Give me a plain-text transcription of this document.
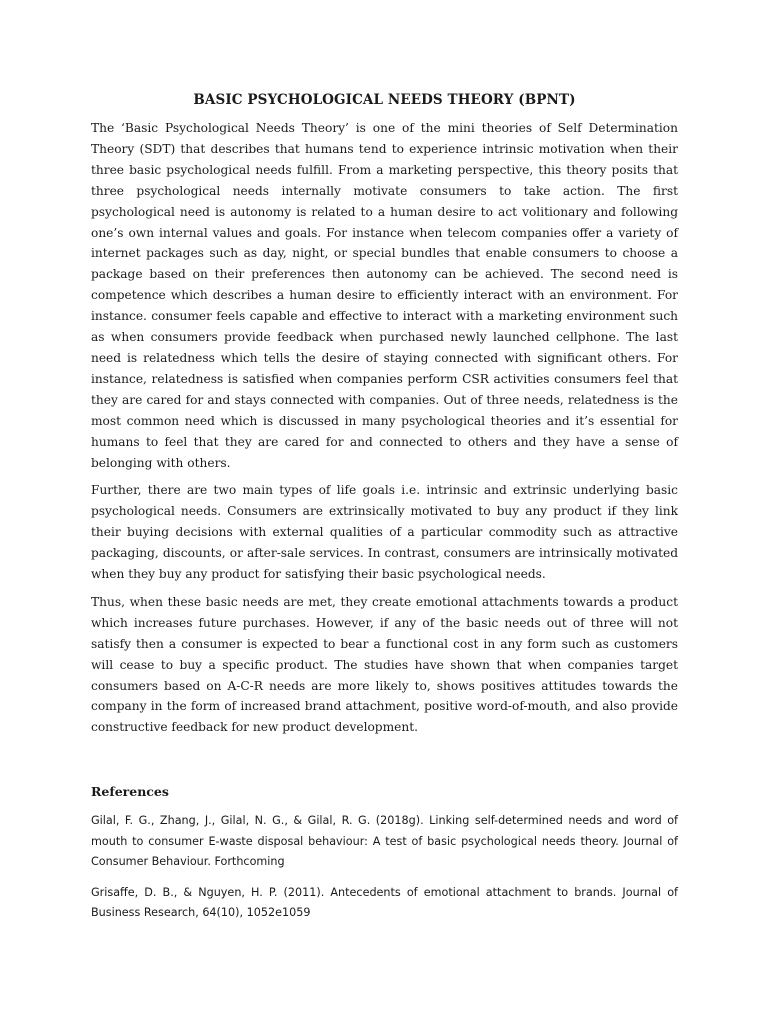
BASIC PSYCHOLOGICAL NEEDS THEORY (BPNT)

The ‘Basic Psychological Needs Theory’ is one of the mini theories of Self Determination Theory (SDT) that describes that humans tend to experience intrinsic motivation when their three basic psychological needs fulfill. From a marketing perspective, this theory posits that three psychological needs internally motivate consumers to take action. The first psychological need is autonomy is related to a human desire to act volitionary and following one’s own internal values and goals. For instance when telecom companies offer a variety of internet packages such as day, night, or special bundles that enable consumers to choose a package based on their preferences then autonomy can be achieved. The second need is competence which describes a human desire to efficiently interact with an environment. For instance. consumer feels capable and effective to interact with a marketing environment such as when consumers provide feedback when purchased newly launched cellphone. The last need is relatedness which tells the desire of staying connected with significant others. For instance, relatedness is satisfied when companies perform CSR activities consumers feel that they are cared for and stays connected with companies. Out of three needs, relatedness is the most common need which is discussed in many psychological theories and it’s essential for humans to feel that they are cared for and connected to others and they have a sense of belonging with others.

Further, there are two main types of life goals i.e. intrinsic and extrinsic underlying basic psychological needs. Consumers are extrinsically motivated to buy any product if they link their buying decisions with external qualities of a particular commodity such as attractive packaging, discounts, or after-sale services. In contrast, consumers are intrinsically motivated when they buy any product for satisfying their basic psychological needs.

Thus, when these basic needs are met, they create emotional attachments towards a product which increases future purchases. However, if any of the basic needs out of three will not satisfy then a consumer is expected to bear a functional cost in any form such as customers will cease to buy a specific product. The studies have shown that when companies target consumers based on A-C-R needs are more likely to, shows positives attitudes towards the company in the form of increased brand attachment, positive word-of-mouth, and also provide constructive feedback for new product development.

References

Gilal, F. G., Zhang, J., Gilal, N. G., & Gilal, R. G. (2018g). Linking self-determined needs and word of mouth to consumer E-waste disposal behaviour: A test of basic psychological needs theory. Journal of Consumer Behaviour. Forthcoming

Grisaffe, D. B., & Nguyen, H. P. (2011). Antecedents of emotional attachment to brands. Journal of Business Research, 64(10), 1052e1059
